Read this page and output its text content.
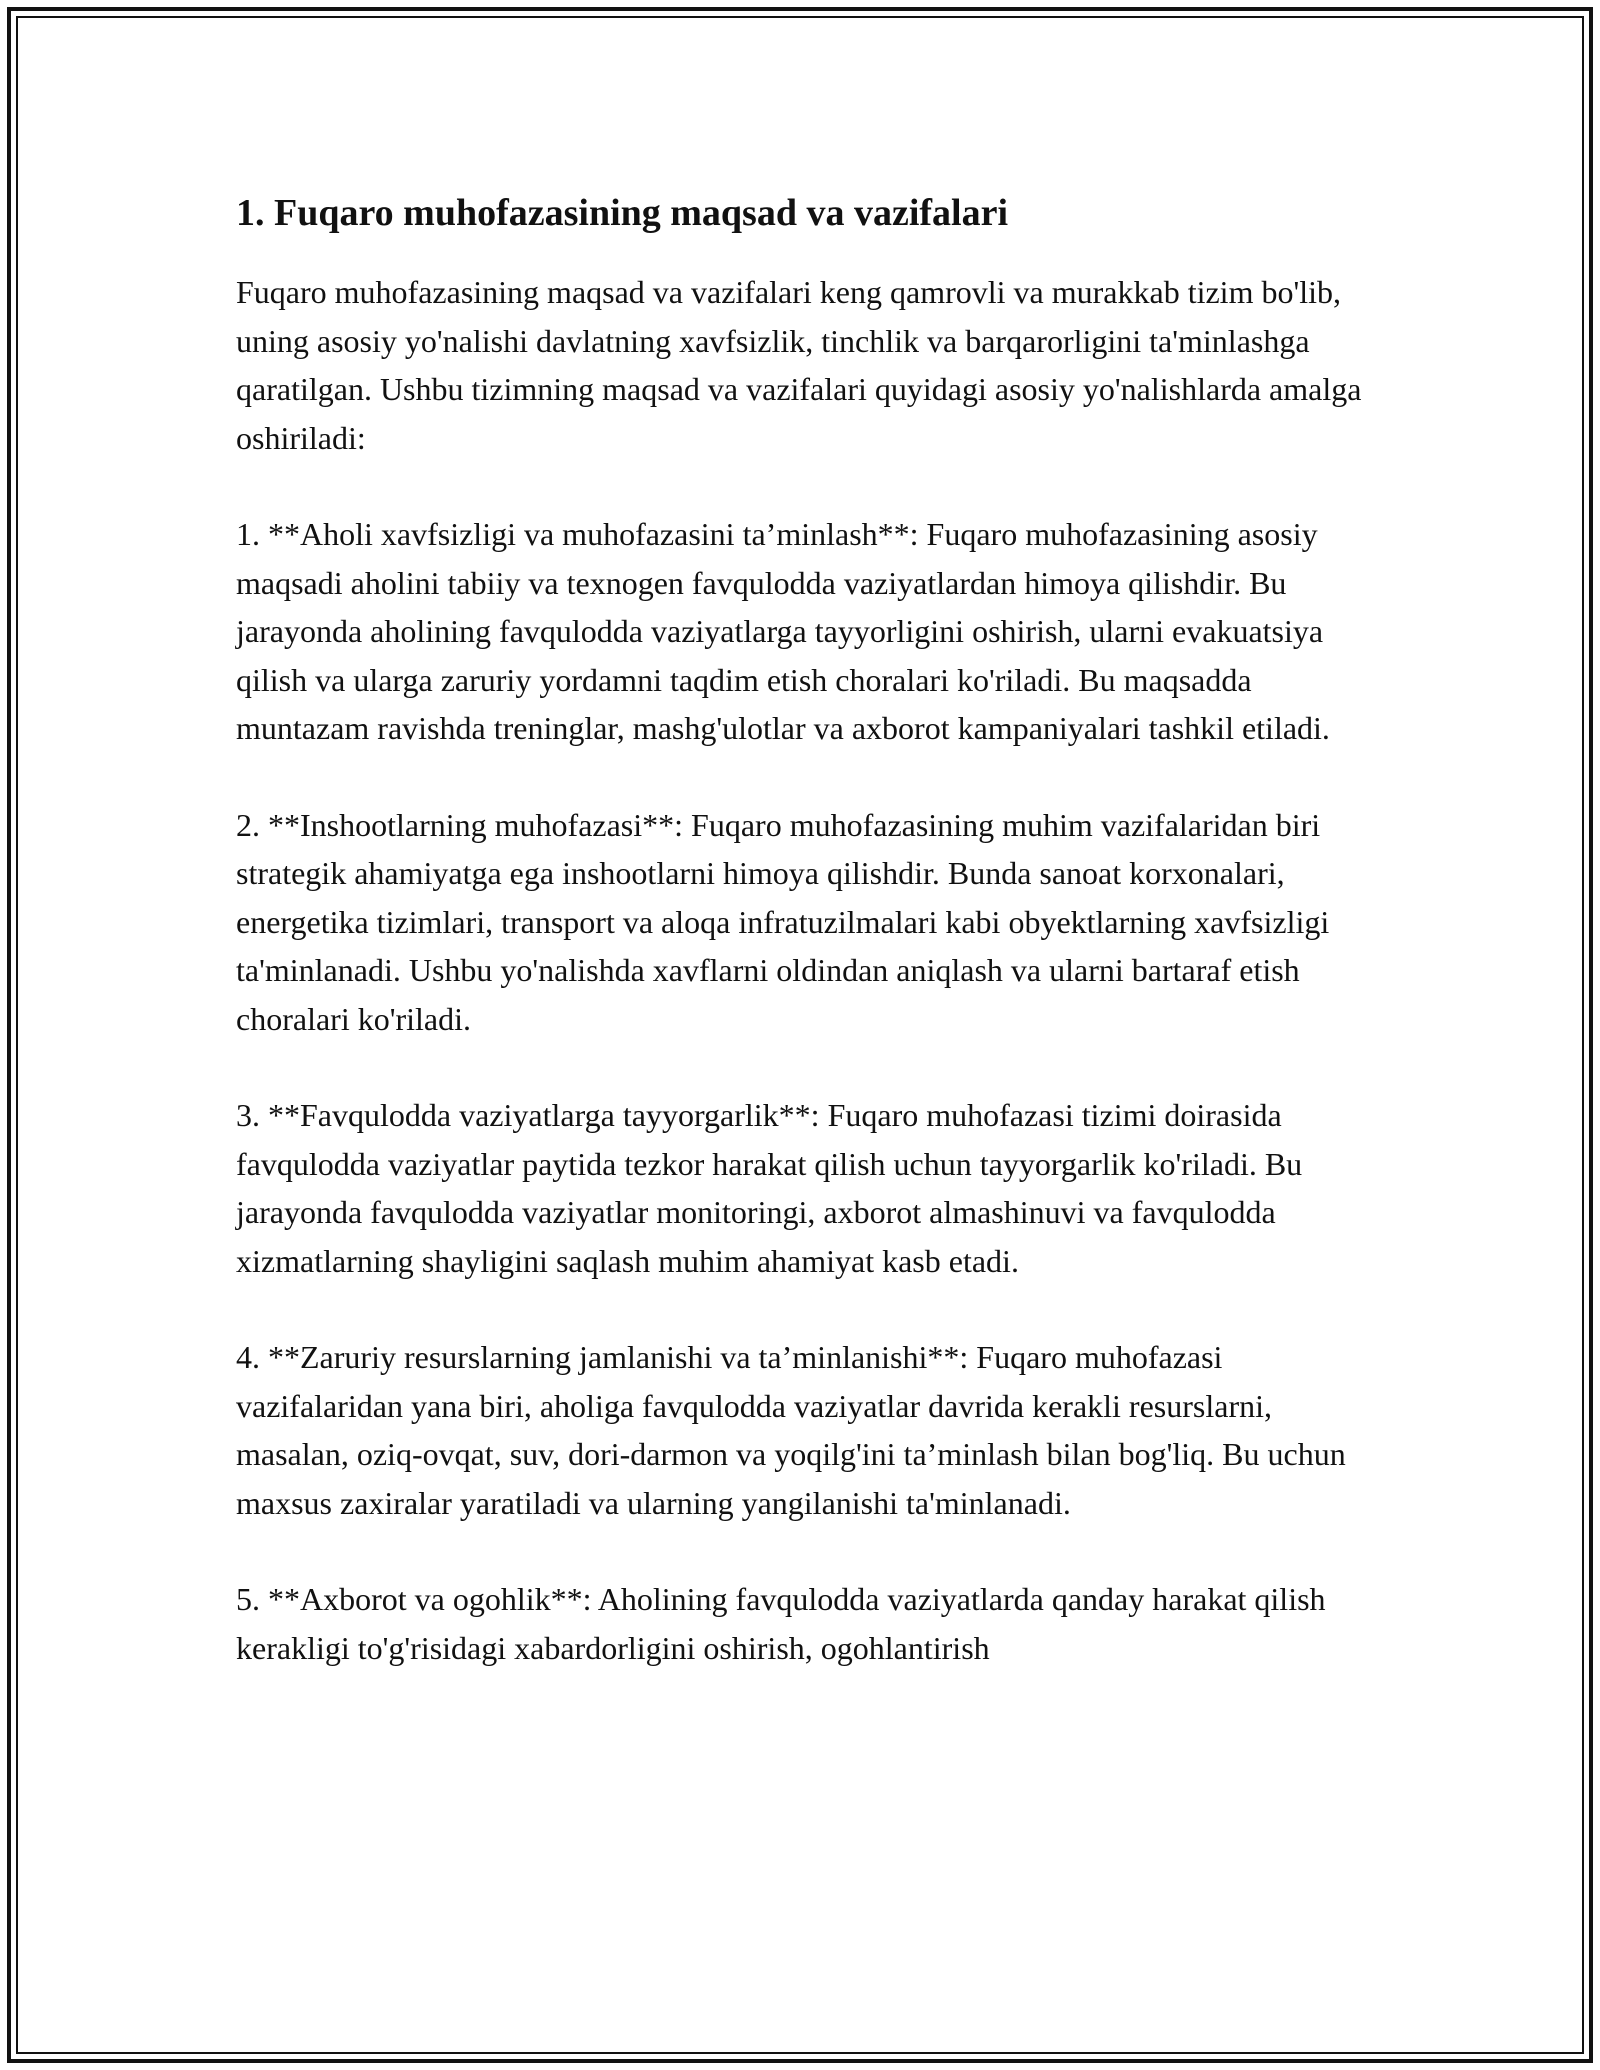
1. Fuqaro muhofazasining maqsad va vazifalari

Fuqaro muhofazasining maqsad va vazifalari keng qamrovli va murakkab tizim bo'lib, uning asosiy yo'nalishi davlatning xavfsizlik, tinchlik va barqarorligini ta'minlashga qaratilgan. Ushbu tizimning maqsad va vazifalari quyidagi asosiy yo'nalishlarda amalga oshiriladi:

1. **Aholi xavfsizligi va muhofazasini ta’minlash**: Fuqaro muhofazasining asosiy maqsadi aholini tabiiy va texnogen favqulodda vaziyatlardan himoya qilishdir. Bu jarayonda aholining favqulodda vaziyatlarga tayyorligini oshirish, ularni evakuatsiya qilish va ularga zaruriy yordamni taqdim etish choralari ko'riladi. Bu maqsadda muntazam ravishda treninglar, mashg'ulotlar va axborot kampaniyalari tashkil etiladi.

2. **Inshootlarning muhofazasi**: Fuqaro muhofazasining muhim vazifalaridan biri strategik ahamiyatga ega inshootlarni himoya qilishdir. Bunda sanoat korxonalari, energetika tizimlari, transport va aloqa infratuzilmalari kabi obyektlarning xavfsizligi ta'minlanadi. Ushbu yo'nalishda xavflarni oldindan aniqlash va ularni bartaraf etish choralari ko'riladi.

3. **Favqulodda vaziyatlarga tayyorgarlik**: Fuqaro muhofazasi tizimi doirasida favqulodda vaziyatlar paytida tezkor harakat qilish uchun tayyorgarlik ko'riladi. Bu jarayonda favqulodda vaziyatlar monitoringi, axborot almashinuvi va favqulodda xizmatlarning shayligini saqlash muhim ahamiyat kasb etadi.

4. **Zaruriy resurslarning jamlanishi va ta’minlanishi**: Fuqaro muhofazasi vazifalaridan yana biri, aholiga favqulodda vaziyatlar davrida kerakli resurslarni, masalan, oziq-ovqat, suv, dori-darmon va yoqilg'ini ta’minlash bilan bog'liq. Bu uchun maxsus zaxiralar yaratiladi va ularning yangilanishi ta'minlanadi.

5. **Axborot va ogohlik**: Aholining favqulodda vaziyatlarda qanday harakat qilish kerakligi to'g'risidagi xabardorligini oshirish, ogohlantirish
